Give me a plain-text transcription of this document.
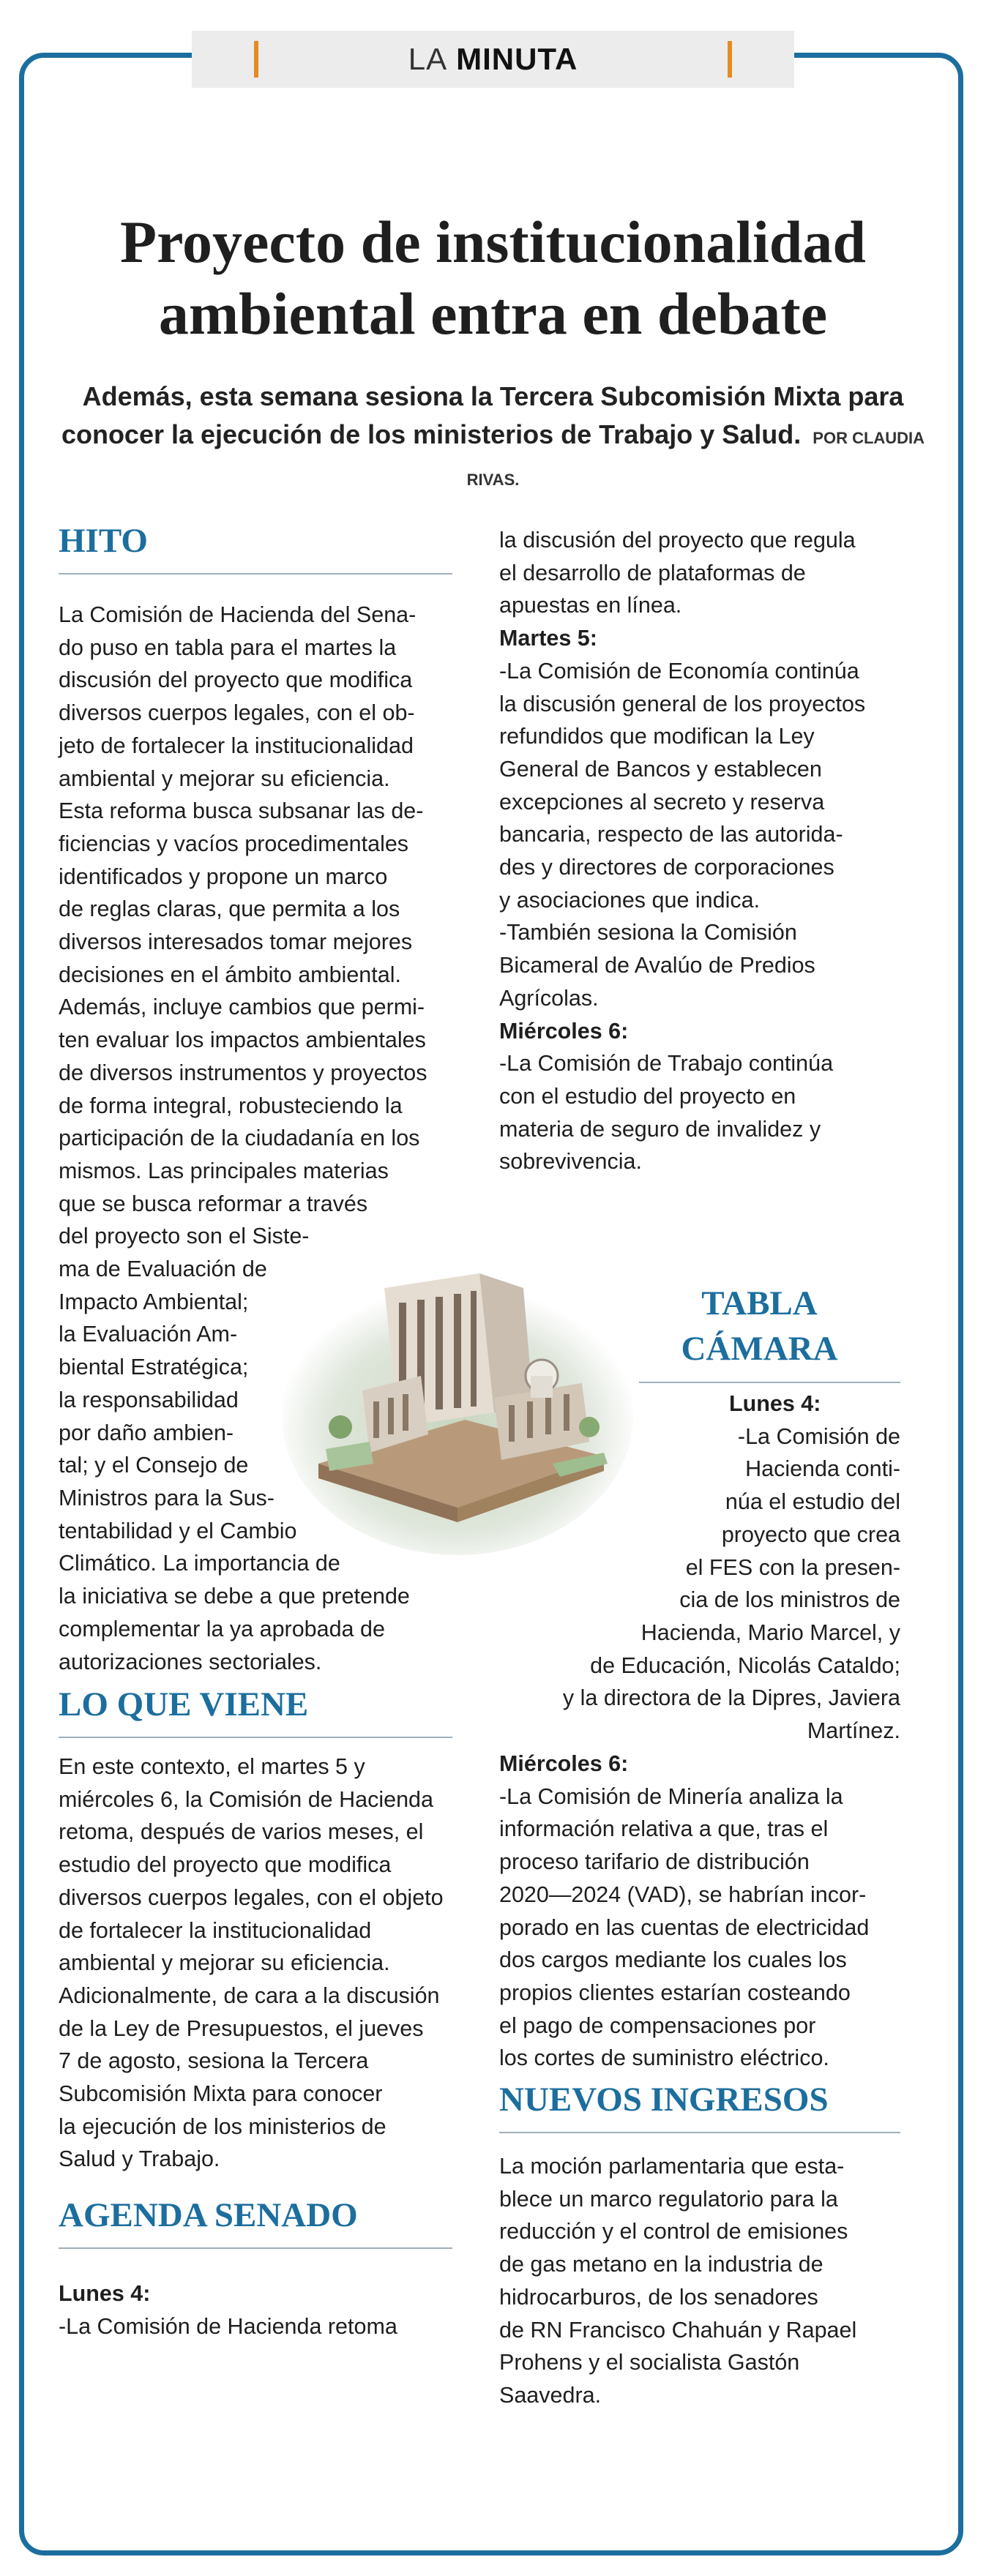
LA MINUTA
Proyecto de institucionalidad ambiental entra en debate

Además, esta semana sesiona la Tercera Subcomisión Mixta para conocer la ejecución de los ministerios de Trabajo y Salud. POR CLAUDIA RIVAS.

HITO
La Comisión de Hacienda del Sena-
do puso en tabla para el martes la
discusión del proyecto que modifica
diversos cuerpos legales, con el ob-
jeto de fortalecer la institucionalidad
ambiental y mejorar su eficiencia.
Esta reforma busca subsanar las de-
ficiencias y vacíos procedimentales
identificados y propone un marco
de reglas claras, que permita a los
diversos interesados tomar mejores
decisiones en el ámbito ambiental.
Además, incluye cambios que permi-
ten evaluar los impactos ambientales
de diversos instrumentos y proyectos
de forma integral, robusteciendo la
participación de la ciudadanía en los
mismos. Las principales materias
que se busca reformar a través
del proyecto son el Siste-
ma de Evaluación de
Impacto Ambiental;
la Evaluación Am-
biental Estratégica;
la responsabilidad
por daño ambien-
tal; y el Consejo de
Ministros para la Sus-
tentabilidad y el Cambio
Climático. La importancia de
la iniciativa se debe a que pretende
complementar la ya aprobada de
autorizaciones sectoriales.
LO QUE VIENE
En este contexto, el martes 5 y
miércoles 6, la Comisión de Hacienda
retoma, después de varios meses, el
estudio del proyecto que modifica
diversos cuerpos legales, con el objeto
de fortalecer la institucionalidad
ambiental y mejorar su eficiencia.
Adicionalmente, de cara a la discusión
de la Ley de Presupuestos, el jueves
7 de agosto, sesiona la Tercera
Subcomisión Mixta para conocer
la ejecución de los ministerios de
Salud y Trabajo.
AGENDA SENADO

Lunes 4:

-La Comisión de Hacienda retoma

la discusión del proyecto que regula
el desarrollo de plataformas de
apuestas en línea.

Martes 5:

-La Comisión de Economía continúa
la discusión general de los proyectos
refundidos que modifican la Ley
General de Bancos y establecen
excepciones al secreto y reserva
bancaria, respecto de las autorida-
des y directores de corporaciones
y asociaciones que indica.
-También sesiona la Comisión
Bicameral de Avalúo de Predios
Agrícolas.

Miércoles 6:

-La Comisión de Trabajo continúa
con el estudio del proyecto en
materia de seguro de invalidez y
sobrevivencia.
TABLA
CÁMARA

Lunes 4:

-La Comisión de
Hacienda conti-
núa el estudio del
proyecto que crea
el FES con la presen-
cia de los ministros de
Hacienda, Mario Marcel, y
de Educación, Nicolás Cataldo;
y la directora de la Dipres, Javiera
Martínez.

Miércoles 6:

-La Comisión de Minería analiza la
información relativa a que, tras el
proceso tarifario de distribución
2020—2024 (VAD), se habrían incor-
porado en las cuentas de electricidad
dos cargos mediante los cuales los
propios clientes estarían costeando
el pago de compensaciones por
los cortes de suministro eléctrico.
NUEVOS INGRESOS
La moción parlamentaria que esta-
blece un marco regulatorio para la
reducción y el control de emisiones
de gas metano en la industria de
hidrocarburos, de los senadores
de RN Francisco Chahuán y Rapael
Prohens y el socialista Gastón
Saavedra.
